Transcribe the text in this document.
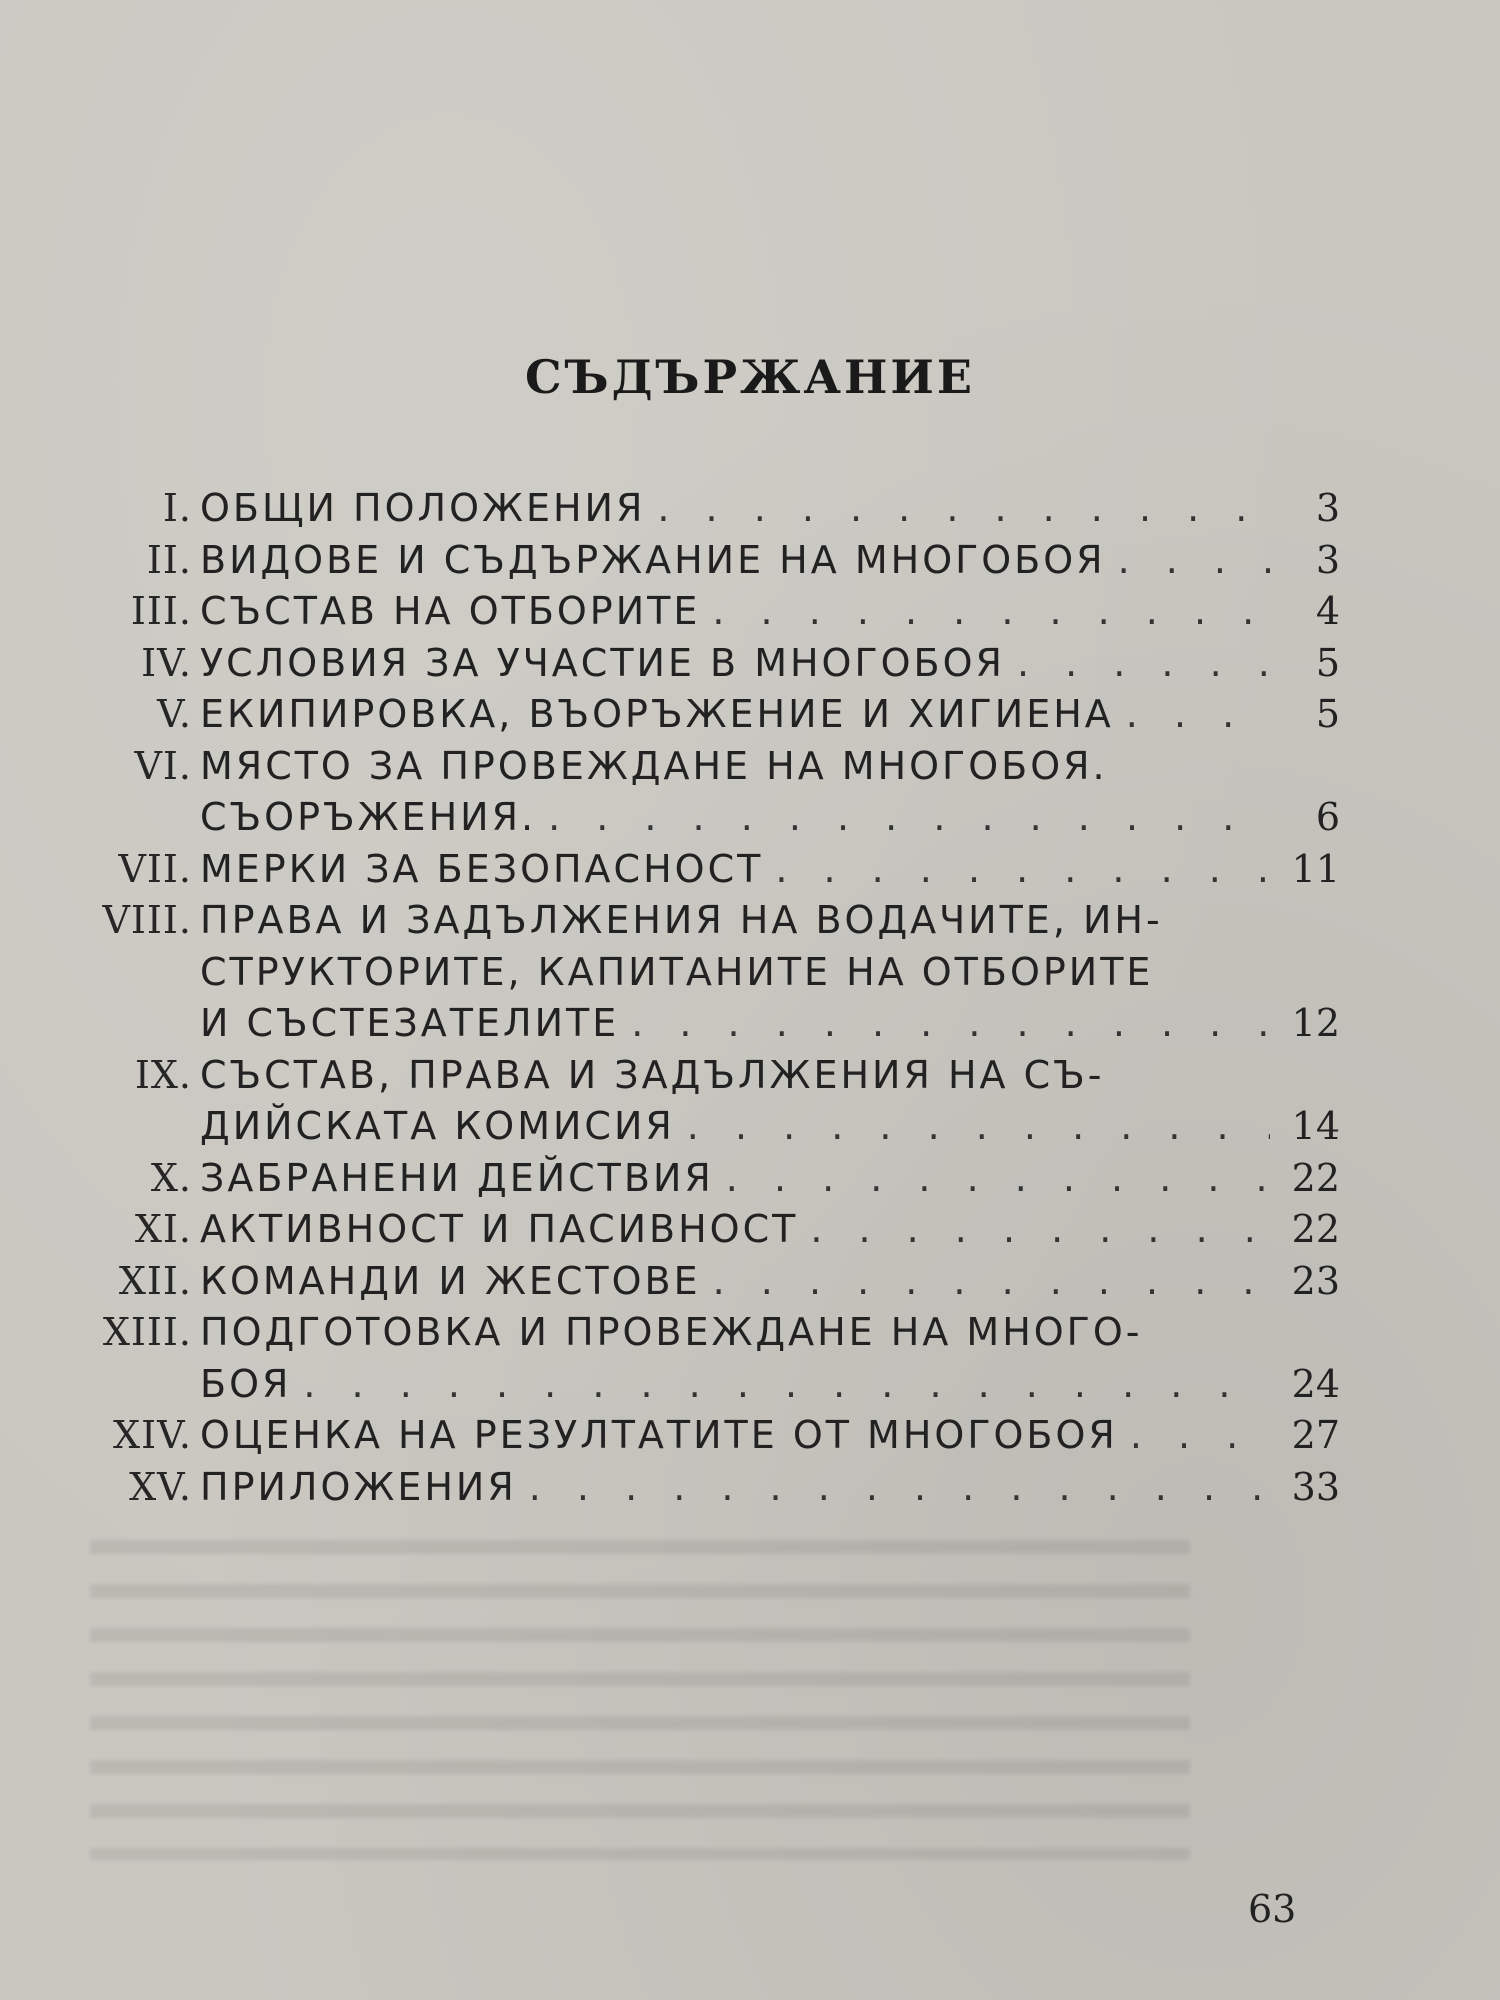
СЪДЪРЖАНИЕ
I. ОБЩИ ПОЛОЖЕНИЯ . . .	3
II. ВИДОВЕ И СЪДЪРЖАНИЕ НА МНОГОБОЯ . . .	3
III. СЪСТАВ НА ОТБОРИТЕ . . .	4
IV. УСЛОВИЯ ЗА УЧАСТИЕ В МНОГОБОЯ . . .	5
V. ЕКИПИРОВКА, ВЪОРЪЖЕНИЕ И ХИГИЕНА . . .	5
VI. МЯСТО ЗА ПРОВЕЖДАНЕ НА МНОГОБОЯ.
СЪОРЪЖЕНИЯ. . . .	6
VII. МЕРКИ ЗА БЕЗОПАСНОСТ . . .	11
VIII. ПРАВА И ЗАДЪЛЖЕНИЯ НА ВОДАЧИТЕ, ИН-
СТРУКТОРИТЕ, КАПИТАНИТЕ НА ОТБОРИТЕ
И СЪСТЕЗАТЕЛИТЕ . . .	12
IX. СЪСТАВ, ПРАВА И ЗАДЪЛЖЕНИЯ НА СЪ-
ДИЙСКАТА КОМИСИЯ . . .	14
X. ЗАБРАНЕНИ ДЕЙСТВИЯ . . .	22
XI. АКТИВНОСТ И ПАСИВНОСТ . . .	22
XII. КОМАНДИ И ЖЕСТОВЕ . . .	23
XIII. ПОДГОТОВКА И ПРОВЕЖДАНЕ НА МНОГО-
БОЯ . . .	24
XIV. ОЦЕНКА НА РЕЗУЛТАТИТЕ ОТ МНОГОБОЯ . . .	27
XV. ПРИЛОЖЕНИЯ . . .	33
63
